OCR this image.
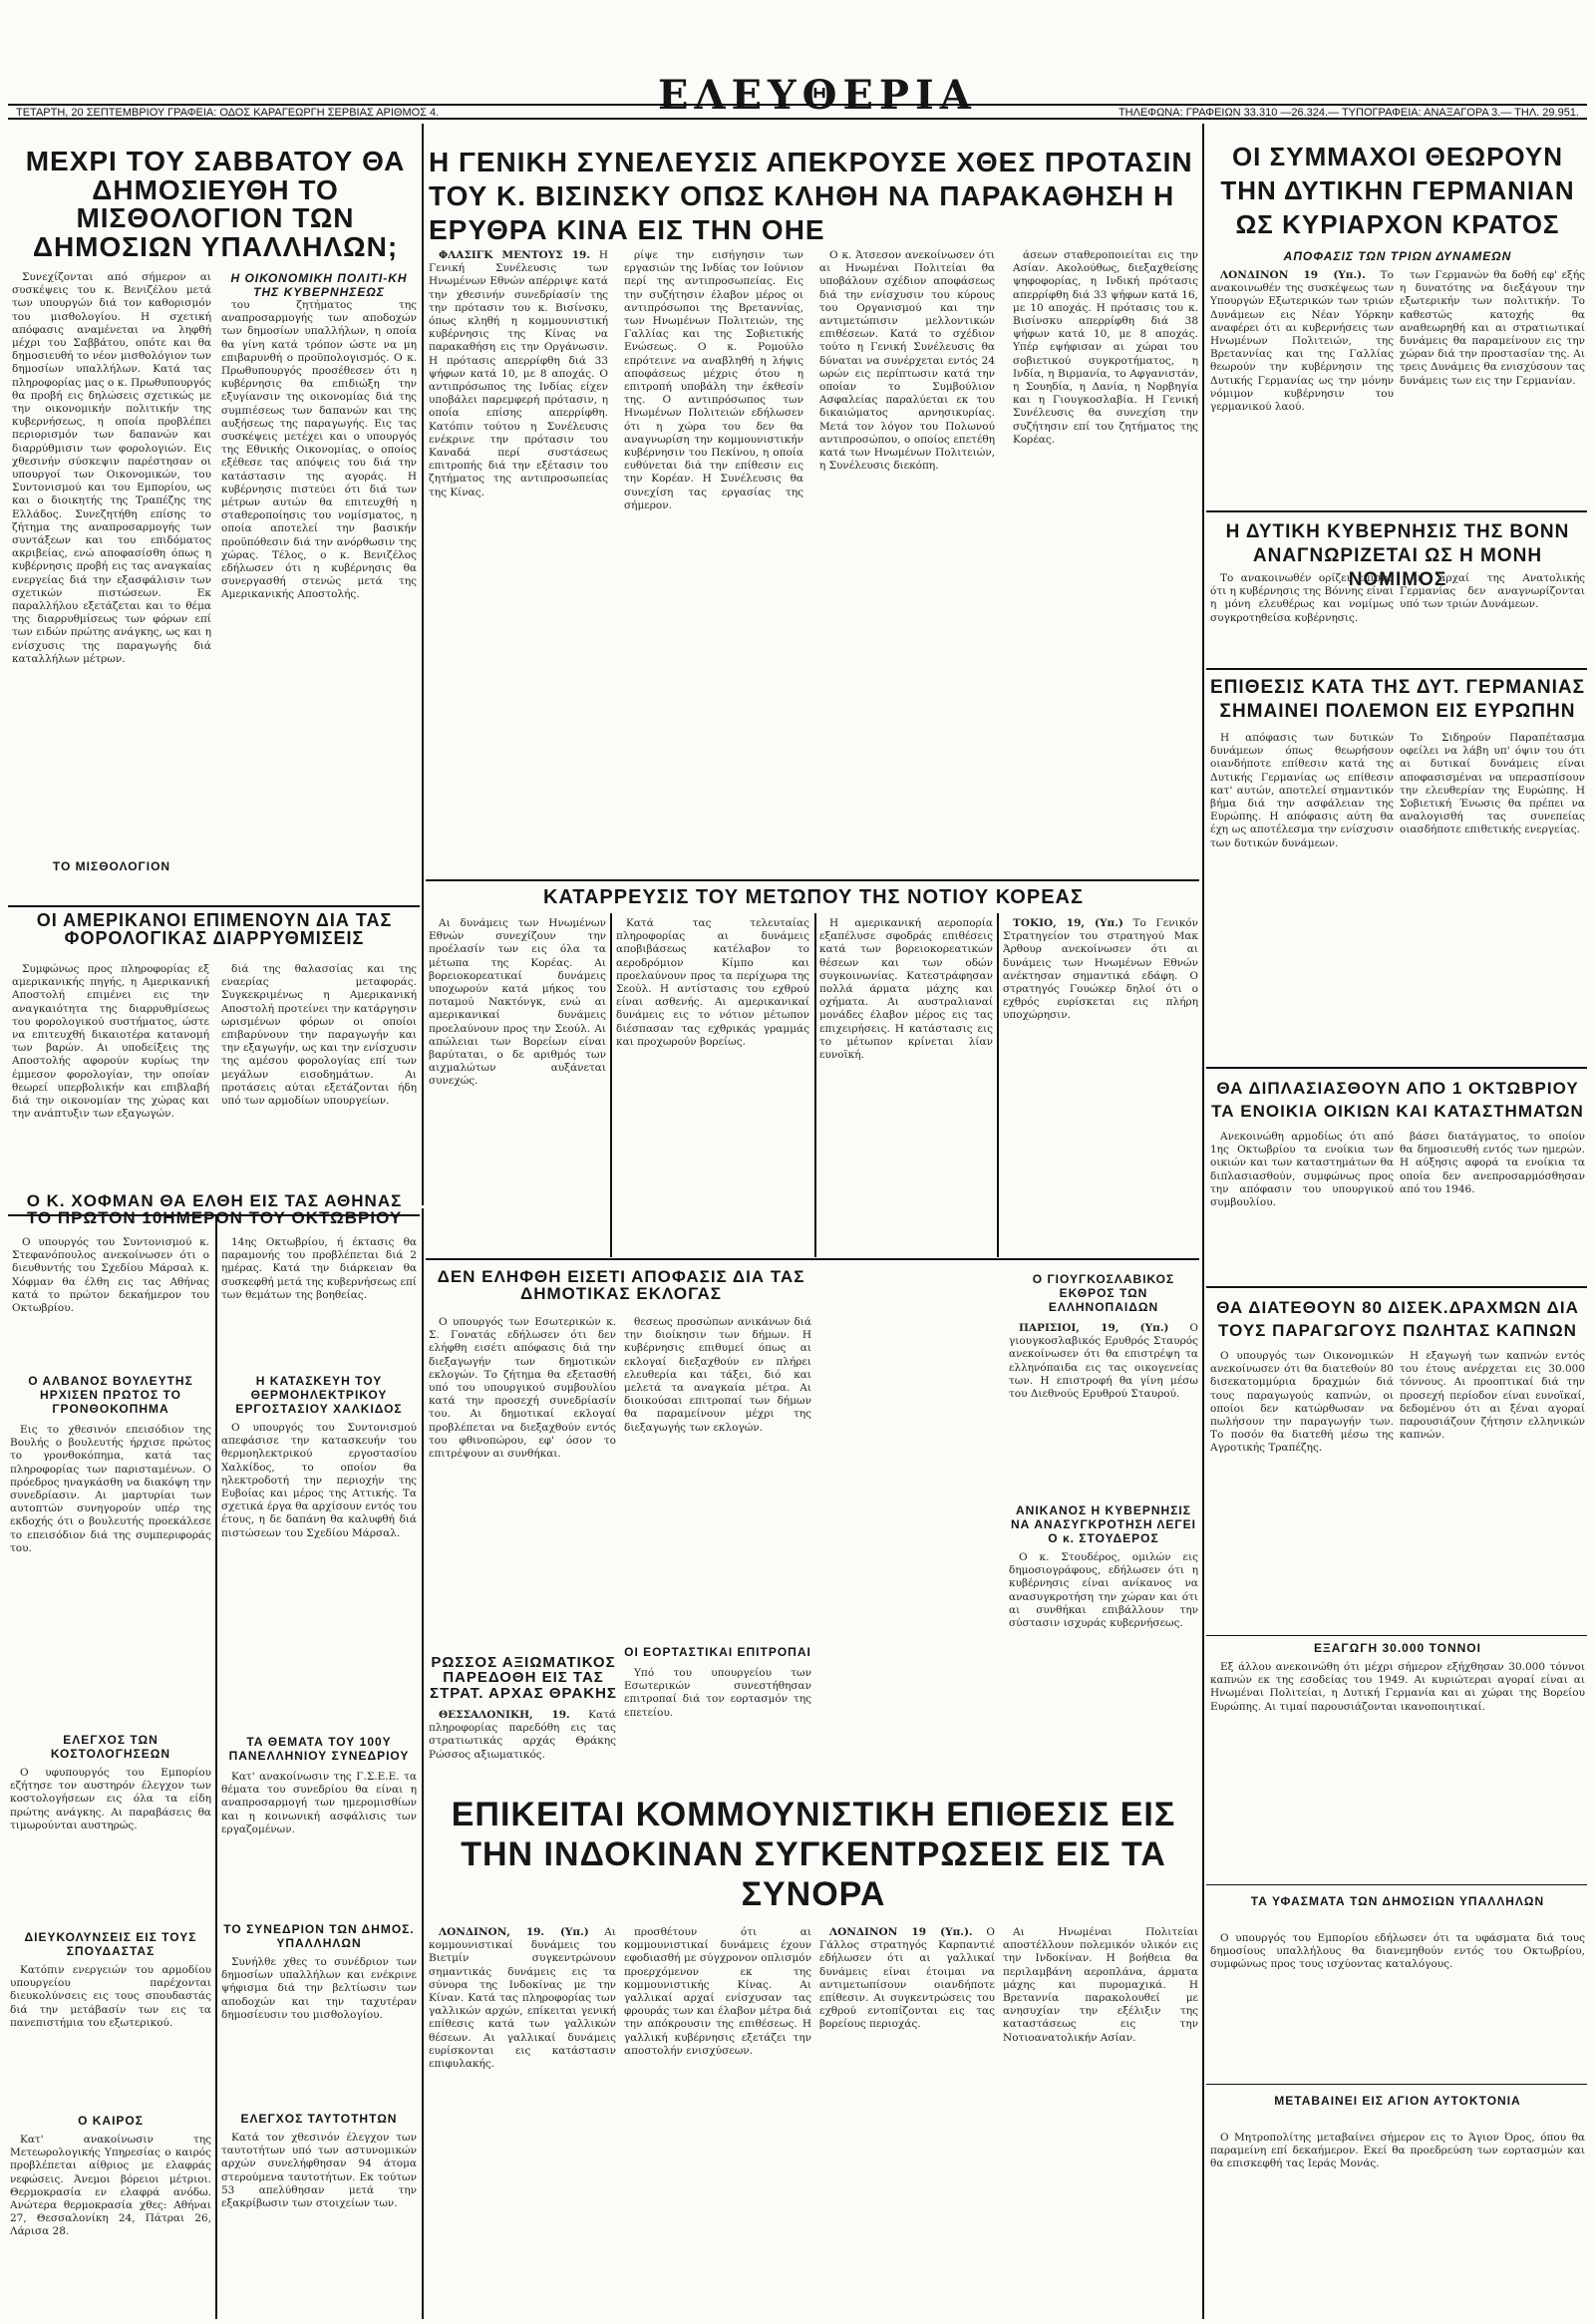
ΕΛΕΥΘΕΡΙΑ
ΤΕΤΑΡΤΗ, 20 ΣΕΠΤΕΜΒΡΙΟΥ ΓΡΑΦΕΙΑ: ΟΔΟΣ ΚΑΡΑΓΕΩΡΓΗ ΣΕΡΒΙΑΣ ΑΡΙΘΜΟΣ 4.	ΤΗΛΕΦΩΝΑ: ΓΡΑΦΕΙΩΝ 33.310 —26.324.— ΤΥΠΟΓΡΑΦΕΙΑ: ΑΝΑΞΑΓΟΡΑ 3.— ΤΗΛ. 29.951.
ΜΕΧΡΙ ΤΟΥ ΣΑΒΒΑΤΟΥ ΘΑ ΔΗΜΟΣΙΕΥΘΗ ΤΟ ΜΙΣΘΟΛΟΓΙΟΝ ΤΩΝ ΔΗΜΟΣΙΩΝ ΥΠΑΛΛΗΛΩΝ;
Η ΟΙΚΟΝΟΜΙΚΗ ΠΟΛΙΤΙ-ΚΗ ΤΗΣ ΚΥΒΕΡΝΗΣΕΩΣ
Συνεχίζονται από σήμερον αι συσκέψεις του κ. Βενιζέλου μετά των υπουργών διά τον καθορισμόν του μισθολογίου. Η σχετική απόφασις αναμένεται να ληφθή μέχρι του Σαββάτου, οπότε και θα δημοσιευθή το νέον μισθολόγιον των δημοσίων υπαλλήλων. Κατά τας πληροφορίας μας ο κ. Πρωθυπουργός θα προβή εις δηλώσεις σχετικώς με την οικονομικήν πολιτικήν της κυβερνήσεως, η οποία προβλέπει περιορισμόν των δαπανών και διαρρύθμισιν των φορολογιών. Εις χθεσινήν σύσκεψιν παρέστησαν οι υπουργοί των Οικονομικών, του Συντονισμού και του Εμπορίου, ως και ο διοικητής της Τραπέζης της Ελλάδος. Συνεζητήθη επίσης το ζήτημα της αναπροσαρμογής των συντάξεων και του επιδόματος ακριβείας, ενώ αποφασίσθη όπως η κυβέρνησις προβή εις τας αναγκαίας ενεργείας διά την εξασφάλισιν των σχετικών πιστώσεων. Εκ παραλλήλου εξετάζεται και το θέμα της διαρρυθμίσεως των φόρων επί των ειδών πρώτης ανάγκης, ως και η ενίσχυσις της παραγωγής διά καταλλήλων μέτρων.
του ζητήματος της αναπροσαρμογής των αποδοχών των δημοσίων υπαλλήλων, η οποία θα γίνη κατά τρόπον ώστε να μη επιβαρυνθή ο προϋπολογισμός. Ο κ. Πρωθυπουργός προσέθεσεν ότι η κυβέρνησις θα επιδιώξη την εξυγίανσιν της οικονομίας διά της συμπιέσεως των δαπανών και της αυξήσεως της παραγωγής. Εις τας συσκέψεις μετέχει και ο υπουργός της Εθνικής Οικονομίας, ο οποίος εξέθεσε τας απόψεις του διά την κατάστασιν της αγοράς. Η κυβέρνησις πιστεύει ότι διά των μέτρων αυτών θα επιτευχθή η σταθεροποίησις του νομίσματος, η οποία αποτελεί την βασικήν προϋπόθεσιν διά την ανόρθωσιν της χώρας. Τέλος, ο κ. Βενιζέλος εδήλωσεν ότι η κυβέρνησις θα συνεργασθή στενώς μετά της Αμερικανικής Αποστολής.
ΤΟ ΜΙΣΘΟΛΟΓΙΟΝ
ΟΙ ΑΜΕΡΙΚΑΝΟΙ ΕΠΙΜΕΝΟΥΝ ΔΙΑ ΤΑΣ ΦΟΡΟΛΟΓΙΚΑΣ ΔΙΑΡΡΥΘΜΙΣΕΙΣ
Συμφώνως προς πληροφορίας εξ αμερικανικής πηγής, η Αμερικανική Αποστολή επιμένει εις την αναγκαιότητα της διαρρυθμίσεως του φορολογικού συστήματος, ώστε να επιτευχθή δικαιοτέρα κατανομή των βαρών. Αι υποδείξεις της Αποστολής αφορούν κυρίως την έμμεσον φορολογίαν, την οποίαν θεωρεί υπερβολικήν και επιβλαβή διά την οικονομίαν της χώρας και την ανάπτυξιν των εξαγωγών.
διά της θαλασσίας και της εναερίας μεταφοράς. Συγκεκριμένως η Αμερικανική Αποστολή προτείνει την κατάργησιν ωρισμένων φόρων οι οποίοι επιβαρύνουν την παραγωγήν και την εξαγωγήν, ως και την ενίσχυσιν της αμέσου φορολογίας επί των μεγάλων εισοδημάτων. Αι προτάσεις αύται εξετάζονται ήδη υπό των αρμοδίων υπουργείων.
Ο Κ. ΧΟΦΜΑΝ ΘΑ ΕΛΘΗ ΕΙΣ ΤΑΣ ΑΘΗΝΑΣ ΤΟ ΠΡΩΤΟΝ 10ΗΜΕΡΟΝ ΤΟΥ ΟΚΤΩΒΡΙΟΥ
Ο υπουργός του Συντονισμού κ. Στεφανόπουλος ανεκοίνωσεν ότι ο διευθυντής του Σχεδίου Μάρσαλ κ. Χόφμαν θα έλθη εις τας Αθήνας κατά το πρώτον δεκαήμερον του Οκτωβρίου.
14ης Οκτωβρίου, ή έκτασις θα παραμονής του προβλέπεται διά 2 ημέρας. Κατά την διάρκειαν θα συσκεφθή μετά της κυβερνήσεως επί των θεμάτων της βοηθείας.
Ο ΑΛΒΑΝΟΣ ΒΟΥΛΕΥΤΗΣ ΗΡΧΙΣΕΝ ΠΡΩΤΟΣ ΤΟ ΓΡΟΝΘΟΚΟΠΗΜΑ
Εις το χθεσινόν επεισόδιον της Βουλής ο βουλευτής ήρχισε πρώτος το γρονθοκόπημα, κατά τας πληροφορίας των παρισταμένων. Ο πρόεδρος ηναγκάσθη να διακόψη την συνεδρίασιν. Αι μαρτυρίαι των αυτοπτών συνηγορούν υπέρ της εκδοχής ότι ο βουλευτής προεκάλεσε το επεισόδιον διά της συμπεριφοράς του.
ΕΛΕΓΧΟΣ ΤΩΝ ΚΟΣΤΟΛΟΓΗΣΕΩΝ
Ο υφυπουργός του Εμπορίου εζήτησε τον αυστηρόν έλεγχον των κοστολογήσεων εις όλα τα είδη πρώτης ανάγκης. Αι παραβάσεις θα τιμωρούνται αυστηρώς.
ΔΙΕΥΚΟΛΥΝΣΕΙΣ ΕΙΣ ΤΟΥΣ ΣΠΟΥΔΑΣΤΑΣ
Κατόπιν ενεργειών του αρμοδίου υπουργείου παρέχονται διευκολύνσεις εις τους σπουδαστάς διά την μετάβασίν των εις τα πανεπιστήμια του εξωτερικού.
Ο ΚΑΙΡΟΣ
Κατ' ανακοίνωσιν της Μετεωρολογικής Υπηρεσίας ο καιρός προβλέπεται αίθριος με ελαφράς νεφώσεις. Άνεμοι βόρειοι μέτριοι. Θερμοκρασία εν ελαφρά ανόδω. Ανώτερα θερμοκρασία χθες: Αθήναι 27, Θεσσαλονίκη 24, Πάτραι 26, Λάρισα 28.
Η ΚΑΤΑΣΚΕΥΗ ΤΟΥ ΘΕΡΜΟΗΛΕΚΤΡΙΚΟΥ ΕΡΓΟΣΤΑΣΙΟΥ ΧΑΛΚΙΔΟΣ
Ο υπουργός του Συντονισμού απεφάσισε την κατασκευήν του θερμοηλεκτρικού εργοστασίου Χαλκίδος, το οποίον θα ηλεκτροδοτή την περιοχήν της Ευβοίας και μέρος της Αττικής. Τα σχετικά έργα θα αρχίσουν εντός του έτους, η δε δαπάνη θα καλυφθή διά πιστώσεων του Σχεδίου Μάρσαλ.
ΤΑ ΘΕΜΑΤΑ ΤΟΥ 100Υ ΠΑΝΕΛΛΗΝΙΟΥ ΣΥΝΕΔΡΙΟΥ
Κατ' ανακοίνωσιν της Γ.Σ.Ε.Ε. τα θέματα του συνεδρίου θα είναι η αναπροσαρμογή των ημερομισθίων και η κοινωνική ασφάλισις των εργαζομένων.
ΤΟ ΣΥΝΕΔΡΙΟΝ ΤΩΝ ΔΗΜΟΣ. ΥΠΑΛΛΗΛΩΝ
Συνήλθε χθες το συνέδριον των δημοσίων υπαλλήλων και ενέκρινε ψήφισμα διά την βελτίωσιν των αποδοχών και την ταχυτέραν δημοσίευσιν του μισθολογίου.
ΕΛΕΓΧΟΣ ΤΑΥΤΟΤΗΤΩΝ
Κατά τον χθεσινόν έλεγχον των ταυτοτήτων υπό των αστυνομικών αρχών συνελήφθησαν 94 άτομα στερούμενα ταυτοτήτων. Εκ τούτων 53 απελύθησαν μετά την εξακρίβωσιν των στοιχείων των.
Η ΓΕΝΙΚΗ ΣΥΝΕΛΕΥΣΙΣ ΑΠΕΚΡΟΥΣΕ ΧΘΕΣ ΠΡΟΤΑΣΙΝ ΤΟΥ Κ. ΒΙΣΙΝΣΚΥ ΟΠΩΣ ΚΛΗΘΗ ΝΑ ΠΑΡΑΚΑΘΗΣΗ Η ΕΡΥΘΡΑ ΚΙΝΑ ΕΙΣ ΤΗΝ ΟΗΕ
ΦΛΑΣΙΓΚ ΜΕΝΤΟΥΣ 19. Η Γενική Συνέλευσις των Ηνωμένων Εθνών απέρριψε κατά την χθεσινήν συνεδρίασίν της την πρότασιν του κ. Βισίνσκυ, όπως κληθή η κομμουνιστική κυβέρνησις της Κίνας να παρακαθήση εις την Οργάνωσιν. Η πρότασις απερρίφθη διά 33 ψήφων κατά 10, με 8 αποχάς. Ο αντιπρόσωπος της Ινδίας είχεν υποβάλει παρεμφερή πρότασιν, η οποία επίσης απερρίφθη. Κατόπιν τούτου η Συνέλευσις ενέκρινε την πρότασιν του Καναδά περί συστάσεως επιτροπής διά την εξέτασιν του ζητήματος της αντιπροσωπείας της Κίνας.
ρίψε την εισήγησιν των εργασιών της Ινδίας τον Ιούνιον περί της αντιπροσωπείας. Εις την συζήτησιν έλαβον μέρος οι αντιπρόσωποι της Βρεταννίας, των Ηνωμένων Πολιτειών, της Γαλλίας και της Σοβιετικής Ενώσεως. Ο κ. Ρομούλο επρότεινε να αναβληθή η λήψις αποφάσεως μέχρις ότου η επιτροπή υποβάλη την έκθεσίν της. Ο αντιπρόσωπος των Ηνωμένων Πολιτειών εδήλωσεν ότι η χώρα του δεν θα αναγνωρίση την κομμουνιστικήν κυβέρνησιν του Πεκίνου, η οποία ευθύνεται διά την επίθεσιν εις την Κορέαν. Η Συνέλευσις θα συνεχίση τας εργασίας της σήμερον.
Ο κ. Άτσεσον ανεκοίνωσεν ότι αι Ηνωμέναι Πολιτείαι θα υποβάλουν σχέδιον αποφάσεως διά την ενίσχυσιν του κύρους του Οργανισμού και την αντιμετώπισιν μελλοντικών επιθέσεων. Κατά το σχέδιον τούτο η Γενική Συνέλευσις θα δύναται να συνέρχεται εντός 24 ωρών εις περίπτωσιν κατά την οποίαν το Συμβούλιον Ασφαλείας παραλύεται εκ του δικαιώματος αρνησικυρίας. Μετά τον λόγον του Πολωνού αντιπροσώπου, ο οποίος επετέθη κατά των Ηνωμένων Πολιτειών, η Συνέλευσις διεκόπη.
άσεων σταθεροποιείται εις την Ασίαν. Ακολούθως, διεξαχθείσης ψηφοφορίας, η Ινδική πρότασις απερρίφθη διά 33 ψήφων κατά 16, με 10 αποχάς. Η πρότασις του κ. Βισίνσκυ απερρίφθη διά 38 ψήφων κατά 10, με 8 αποχάς. Υπέρ εψήφισαν αι χώραι του σοβιετικού συγκροτήματος, η Ινδία, η Βιρμανία, το Αφγανιστάν, η Σουηδία, η Δανία, η Νορβηγία και η Γιουγκοσλαβία. Η Γενική Συνέλευσις θα συνεχίση την συζήτησιν επί του ζητήματος της Κορέας.
ΚΑΤΑΡΡΕΥΣΙΣ ΤΟΥ ΜΕΤΩΠΟΥ ΤΗΣ ΝΟΤΙΟΥ ΚΟΡΕΑΣ
Αι δυνάμεις των Ηνωμένων Εθνών συνεχίζουν την προέλασίν των εις όλα τα μέτωπα της Κορέας. Αι βορειοκορεατικαί δυνάμεις υποχωρούν κατά μήκος του ποταμού Νακτόνγκ, ενώ αι αμερικανικαί δυνάμεις προελαύνουν προς την Σεούλ. Αι απώλειαι των Βορείων είναι βαρύταται, ο δε αριθμός των αιχμαλώτων αυξάνεται συνεχώς.
Κατά τας τελευταίας πληροφορίας αι δυνάμεις αποβιβάσεως κατέλαβον το αεροδρόμιον Κίμπο και προελαύνουν προς τα περίχωρα της Σεούλ. Η αντίστασις του εχθρού είναι ασθενής. Αι αμερικανικαί δυνάμεις εις το νότιον μέτωπον διέσπασαν τας εχθρικάς γραμμάς και προχωρούν βορείως.
Η αμερικανική αεροπορία εξαπέλυσε σφοδράς επιθέσεις κατά των βορειοκορεατικών θέσεων και των οδών συγκοινωνίας. Κατεστράφησαν πολλά άρματα μάχης και οχήματα. Αι αυστραλιαναί μονάδες έλαβον μέρος εις τας επιχειρήσεις. Η κατάστασις εις το μέτωπον κρίνεται λίαν ευνοϊκή.
ΤΟΚΙΟ, 19, (Υπ.) Το Γενικόν Στρατηγείον του στρατηγού Μακ Άρθουρ ανεκοίνωσεν ότι αι δυνάμεις των Ηνωμένων Εθνών ανέκτησαν σημαντικά εδάφη. Ο στρατηγός Γουώκερ δηλοί ότι ο εχθρός ευρίσκεται εις πλήρη υποχώρησιν.
ΔΕΝ ΕΛΗΦΘΗ ΕΙΣΕΤΙ ΑΠΟΦΑΣΙΣ ΔΙΑ ΤΑΣ ΔΗΜΟΤΙΚΑΣ ΕΚΛΟΓΑΣ
Ο υπουργός των Εσωτερικών κ. Σ. Γονατάς εδήλωσεν ότι δεν ελήφθη εισέτι απόφασις διά την διεξαγωγήν των δημοτικών εκλογών. Το ζήτημα θα εξετασθή υπό του υπουργικού συμβουλίου κατά την προσεχή συνεδρίασίν του. Αι δημοτικαί εκλογαί προβλέπεται να διεξαχθούν εντός του φθινοπώρου, εφ' όσον το επιτρέψουν αι συνθήκαι.
θεσεως προσώπων ανικάνων διά την διοίκησιν των δήμων. Η κυβέρνησις επιθυμεί όπως αι εκλογαί διεξαχθούν εν πλήρει ελευθερία και τάξει, διό και μελετά τα αναγκαία μέτρα. Αι διοικούσαι επιτροπαί των δήμων θα παραμείνουν μέχρι της διεξαγωγής των εκλογών.
ΟΙ ΕΟΡΤΑΣΤΙΚΑΙ ΕΠΙΤΡΟΠΑΙ
Υπό του υπουργείου των Εσωτερικών συνεστήθησαν επιτροπαί διά τον εορτασμόν της επετείου.
ΡΩΣΣΟΣ ΑΞΙΩΜΑΤΙΚΟΣ ΠΑΡΕΔΟΘΗ ΕΙΣ ΤΑΣ ΣΤΡΑΤ. ΑΡΧΑΣ ΘΡΑΚΗΣ
ΘΕΣΣΑΛΟΝΙΚΗ, 19. Κατά πληροφορίας παρεδόθη εις τας στρατιωτικάς αρχάς Θράκης Ρώσσος αξιωματικός.
ΕΠΙΚΕΙΤΑΙ ΚΟΜΜΟΥΝΙΣΤΙΚΗ ΕΠΙΘΕΣΙΣ ΕΙΣ ΤΗΝ ΙΝΔΟΚΙΝΑΝ ΣΥΓΚΕΝΤΡΩΣΕΙΣ ΕΙΣ ΤΑ ΣΥΝΟΡΑ
ΛΟΝΔΙΝΟΝ, 19. (Υπ.) Αι κομμουνιστικαί δυνάμεις του Βιετμίν συγκεντρώνουν σημαντικάς δυνάμεις εις τα σύνορα της Ινδοκίνας με την Κίναν. Κατά τας πληροφορίας των γαλλικών αρχών, επίκειται γενική επίθεσις κατά των γαλλικών θέσεων. Αι γαλλικαί δυνάμεις ευρίσκονται εις κατάστασιν επιφυλακής.
προσθέτουν ότι αι κομμουνιστικαί δυνάμεις έχουν εφοδιασθή με σύγχρονον οπλισμόν προερχόμενον εκ της κομμουνιστικής Κίνας. Αι γαλλικαί αρχαί ενίσχυσαν τας φρουράς των και έλαβον μέτρα διά την απόκρουσιν της επιθέσεως. Η γαλλική κυβέρνησις εξετάζει την αποστολήν ενισχύσεων.
ΛΟΝΔΙΝΟΝ 19 (Υπ.). Ο Γάλλος στρατηγός Καρπαντιέ εδήλωσεν ότι αι γαλλικαί δυνάμεις είναι έτοιμαι να αντιμετωπίσουν οιανδήποτε επίθεσιν. Αι συγκεντρώσεις του εχθρού εντοπίζονται εις τας βορείους περιοχάς.
Αι Ηνωμέναι Πολιτείαι αποστέλλουν πολεμικόν υλικόν εις την Ινδοκίναν. Η βοήθεια θα περιλαμβάνη αεροπλάνα, άρματα μάχης και πυρομαχικά. Η Βρεταννία παρακολουθεί με ανησυχίαν την εξέλιξιν της καταστάσεως εις την Νοτιοανατολικήν Ασίαν.
Ο ΓΙΟΥΓΚΟΣΛΑΒΙΚΟΣ ΕΚΘΡΟΣ ΤΩΝ ΕΛΛΗΝΟΠΑΙΔΩΝ
ΠΑΡΙΣΙΟΙ, 19, (Υπ.) Ο γιουγκοσλαβικός Ερυθρός Σταυρός ανεκοίνωσεν ότι θα επιστρέψη τα ελληνόπαιδα εις τας οικογενείας των. Η επιστροφή θα γίνη μέσω του Διεθνούς Ερυθρού Σταυρού.
ΑΝΙΚΑΝΟΣ Η ΚΥΒΕΡΝΗΣΙΣ ΝΑ ΑΝΑΣΥΓΚΡΟΤΗΣΗ ΛΕΓΕΙ Ο κ. ΣΤΟΥΔΕΡΟΣ
Ο κ. Στουδέρος, ομιλών εις δημοσιογράφους, εδήλωσεν ότι η κυβέρνησις είναι ανίκανος να ανασυγκροτήση την χώραν και ότι αι συνθήκαι επιβάλλουν την σύστασιν ισχυράς κυβερνήσεως.
ΟΙ ΣΥΜΜΑΧΟΙ ΘΕΩΡΟΥΝ ΤΗΝ ΔΥΤΙΚΗΝ ΓΕΡΜΑΝΙΑΝ ΩΣ ΚΥΡΙΑΡΧΟΝ ΚΡΑΤΟΣ
ΑΠΟΦΑΣΙΣ ΤΩΝ ΤΡΙΩΝ ΔΥΝΑΜΕΩΝ
ΛΟΝΔΙΝΟΝ 19 (Υπ.). Το ανακοινωθέν της συσκέψεως των Υπουργών Εξωτερικών των τριών Δυνάμεων εις Νέαν Υόρκην αναφέρει ότι αι κυβερνήσεις των Ηνωμένων Πολιτειών, της Βρεταννίας και της Γαλλίας θεωρούν την κυβέρνησιν της Δυτικής Γερμανίας ως την μόνην νόμιμον κυβέρνησιν του γερμανικού λαού.
των Γερμανών θα δοθή εφ' εξής η δυνατότης να διεξάγουν την εξωτερικήν των πολιτικήν. Το καθεστώς κατοχής θα αναθεωρηθή και αι στρατιωτικαί δυνάμεις θα παραμείνουν εις την χώραν διά την προστασίαν της. Αι τρεις Δυνάμεις θα ενισχύσουν τας δυνάμεις των εις την Γερμανίαν.
Η ΔΥΤΙΚΗ ΚΥΒΕΡΝΗΣΙΣ ΤΗΣ ΒΟΝΝ ΑΝΑΓΝΩΡΙΖΕΤΑΙ ΩΣ Η ΜΟΝΗ ΝΟΜΙΜΟΣ
Το ανακοινωθέν ορίζει επίσης ότι η κυβέρνησις της Βόννης είναι η μόνη ελευθέρως και νομίμως συγκροτηθείσα κυβέρνησις.
Αι αρχαί της Ανατολικής Γερμανίας δεν αναγνωρίζονται υπό των τριών Δυνάμεων.
ΕΠΙΘΕΣΙΣ ΚΑΤΑ ΤΗΣ ΔΥΤ. ΓΕΡΜΑΝΙΑΣ ΣΗΜΑΙΝΕΙ ΠΟΛΕΜΟΝ ΕΙΣ ΕΥΡΩΠΗΝ
Η απόφασις των δυτικών δυνάμεων όπως θεωρήσουν οιανδήποτε επίθεσιν κατά της Δυτικής Γερμανίας ως επίθεσιν κατ' αυτών, αποτελεί σημαντικόν βήμα διά την ασφάλειαν της Ευρώπης. Η απόφασις αύτη θα έχη ως αποτέλεσμα την ενίσχυσιν των δυτικών δυνάμεων.
Το Σιδηρούν Παραπέτασμα οφείλει να λάβη υπ' όψιν του ότι αι δυτικαί δυνάμεις είναι αποφασισμέναι να υπερασπίσουν την ελευθερίαν της Ευρώπης. Η Σοβιετική Ένωσις θα πρέπει να αναλογισθή τας συνεπείας οιασδήποτε επιθετικής ενεργείας.
ΘΑ ΔΙΠΛΑΣΙΑΣΘΟΥΝ ΑΠΟ 1 ΟΚΤΩΒΡΙΟΥ ΤΑ ΕΝΟΙΚΙΑ ΟΙΚΙΩΝ ΚΑΙ ΚΑΤΑΣΤΗΜΑΤΩΝ
Ανεκοινώθη αρμοδίως ότι από 1ης Οκτωβρίου τα ενοίκια των οικιών και των καταστημάτων θα διπλασιασθούν, συμφώνως προς την απόφασιν του υπουργικού συμβουλίου.
βάσει διατάγματος, το οποίον θα δημοσιευθή εντός των ημερών. Η αύξησις αφορά τα ενοίκια τα οποία δεν ανεπροσαρμόσθησαν από του 1946.
ΘΑ ΔΙΑΤΕΘΟΥΝ 80 ΔΙΣΕΚ.ΔΡΑΧΜΩΝ ΔΙΑ ΤΟΥΣ ΠΑΡΑΓΩΓΟΥΣ ΠΩΛΗΤΑΣ ΚΑΠΝΩΝ
Ο υπουργός των Οικονομικών ανεκοίνωσεν ότι θα διατεθούν 80 δισεκατομμύρια δραχμών διά τους παραγωγούς καπνών, οι οποίοι δεν κατώρθωσαν να πωλήσουν την παραγωγήν των. Το ποσόν θα διατεθή μέσω της Αγροτικής Τραπέζης.
Η εξαγωγή των καπνών εντός του έτους ανέρχεται εις 30.000 τόννους. Αι προοπτικαί διά την προσεχή περίοδον είναι ευνοϊκαί, δεδομένου ότι αι ξέναι αγοραί παρουσιάζουν ζήτησιν ελληνικών καπνών.
ΕΞΑΓΩΓΗ 30.000 ΤΟΝΝΟΙ
Εξ άλλου ανεκοινώθη ότι μέχρι σήμερον εξήχθησαν 30.000 τόννοι καπνών εκ της εσοδείας του 1949. Αι κυριώτεραι αγοραί είναι αι Ηνωμέναι Πολιτείαι, η Δυτική Γερμανία και αι χώραι της Βορείου Ευρώπης. Αι τιμαί παρουσιάζονται ικανοποιητικαί.
ΤΑ ΥΦΑΣΜΑΤΑ ΤΩΝ ΔΗΜΟΣΙΩΝ ΥΠΑΛΛΗΛΩΝ
Ο υπουργός του Εμπορίου εδήλωσεν ότι τα υφάσματα διά τους δημοσίους υπαλλήλους θα διανεμηθούν εντός του Οκτωβρίου, συμφώνως προς τους ισχύοντας καταλόγους.
ΜΕΤΑΒΑΙΝΕΙ ΕΙΣ ΑΓΙΟΝ ΑΥΤΟΚΤΟΝΙΑ
Ο Μητροπολίτης μεταβαίνει σήμερον εις το Άγιον Όρος, όπου θα παραμείνη επί δεκαήμερον. Εκεί θα προεδρεύση των εορτασμών και θα επισκεφθή τας Ιεράς Μονάς.
